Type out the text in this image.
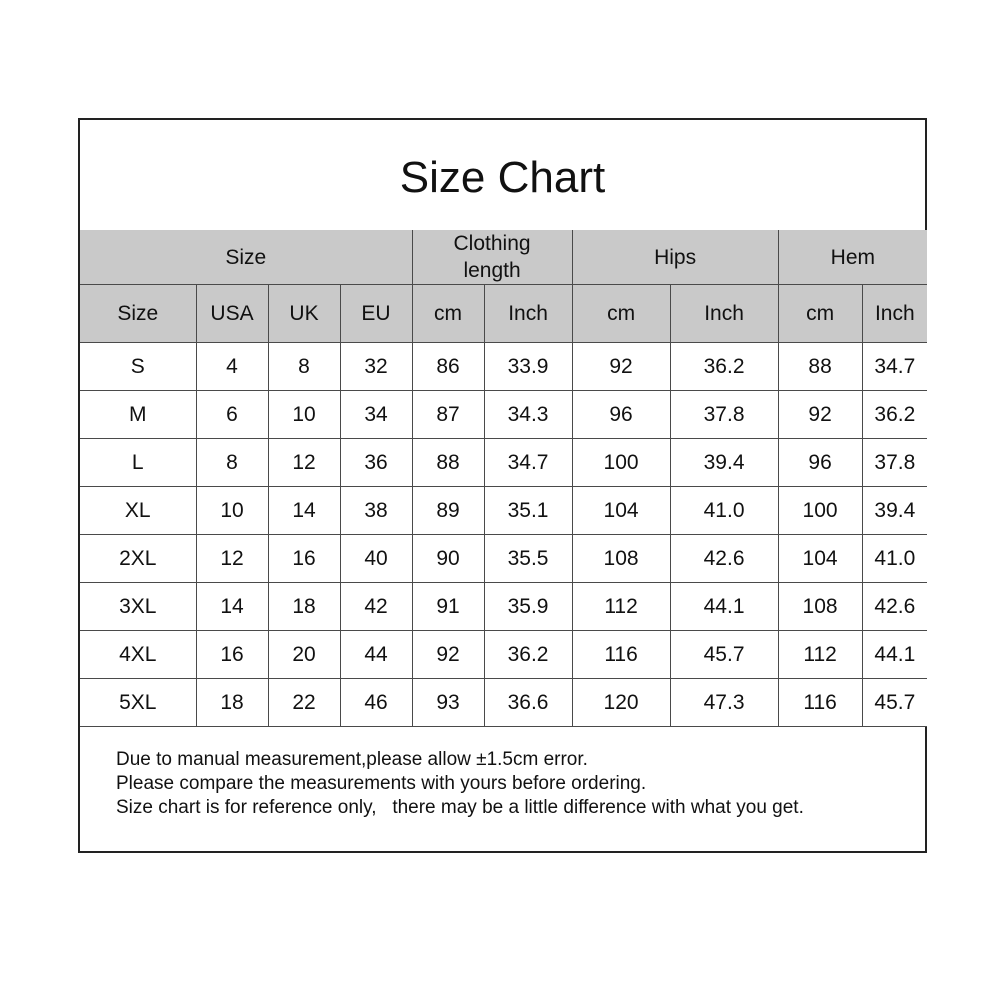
Size Chart
Size				Clothing length		Hips		Hem	
Size	USA	UK	EU	cm	Inch	cm	Inch	cm	Inch
S	4	8	32	86	33.9	92	36.2	88	34.7
M	6	10	34	87	34.3	96	37.8	92	36.2
L	8	12	36	88	34.7	100	39.4	96	37.8
XL	10	14	38	89	35.1	104	41.0	100	39.4
2XL	12	16	40	90	35.5	108	42.6	104	41.0
3XL	14	18	42	91	35.9	112	44.1	108	42.6
4XL	16	20	44	92	36.2	116	45.7	112	44.1
5XL	18	22	46	93	36.6	120	47.3	116	45.7
Due to manual measurement,please allow ±1.5cm error.
Please compare the measurements with yours before ordering.
Size chart is for reference only,   there may be a little difference with what you get.
